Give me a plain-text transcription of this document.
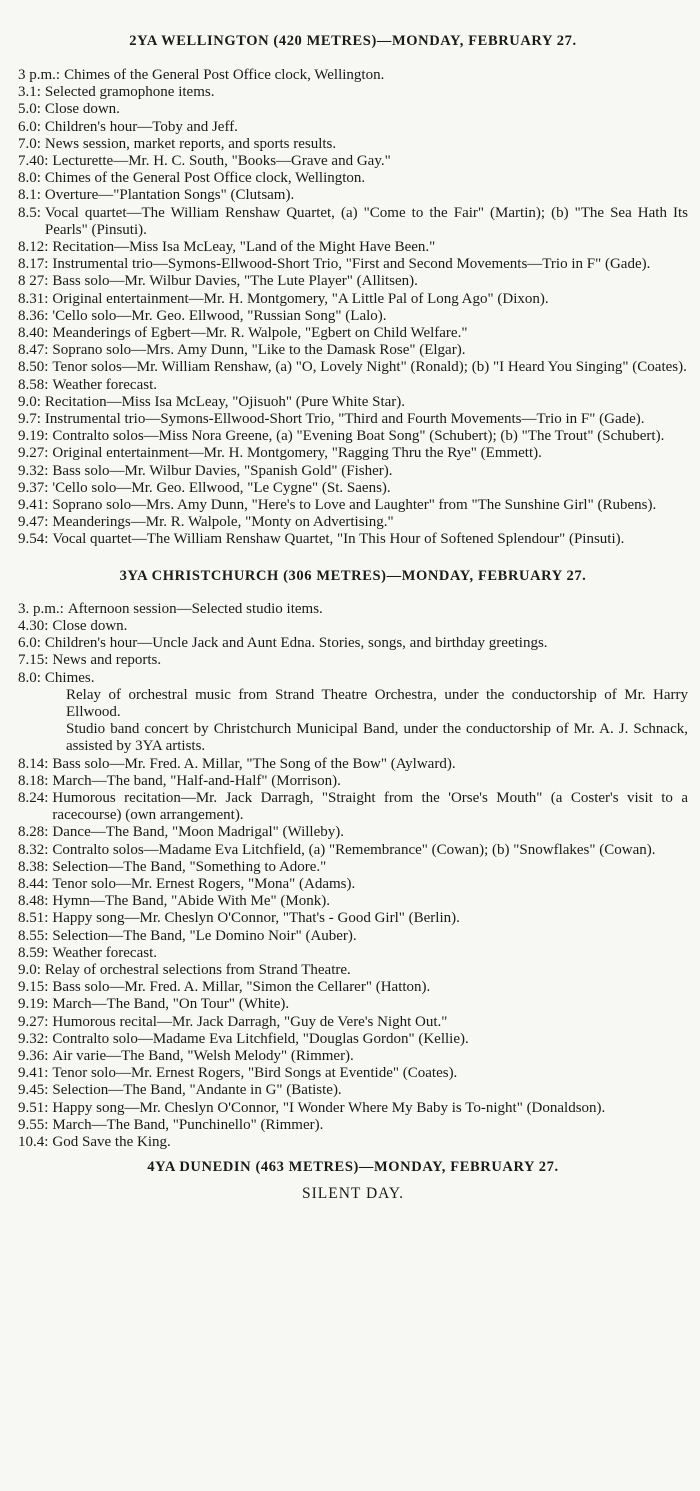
2YA WELLINGTON (420 METRES)—MONDAY, FEBRUARY 27.
3 p.m.: Chimes of the General Post Office clock, Wellington.
3.1: Selected gramophone items.
5.0: Close down.
6.0: Children's hour—Toby and Jeff.
7.0: News session, market reports, and sports results.
7.40: Lecturette—Mr. H. C. South, "Books—Grave and Gay."
8.0: Chimes of the General Post Office clock, Wellington.
8.1: Overture—"Plantation Songs" (Clutsam).
8.5: Vocal quartet—The William Renshaw Quartet, (a) "Come to the Fair" (Martin); (b) "The Sea Hath Its Pearls" (Pinsuti).
8.12: Recitation—Miss Isa McLeay, "Land of the Might Have Been."
8.17: Instrumental trio—Symons-Ellwood-Short Trio, "First and Second Movements—Trio in F" (Gade).
8 27: Bass solo—Mr. Wilbur Davies, "The Lute Player" (Allitsen).
8.31: Original entertainment—Mr. H. Montgomery, "A Little Pal of Long Ago" (Dixon).
8.36: 'Cello solo—Mr. Geo. Ellwood, "Russian Song" (Lalo).
8.40: Meanderings of Egbert—Mr. R. Walpole, "Egbert on Child Welfare."
8.47: Soprano solo—Mrs. Amy Dunn, "Like to the Damask Rose" (Elgar).
8.50: Tenor solos—Mr. William Renshaw, (a) "O, Lovely Night" (Ronald); (b) "I Heard You Singing" (Coates).
8.58: Weather forecast.
9.0: Recitation—Miss Isa McLeay, "Ojisuoh" (Pure White Star).
9.7: Instrumental trio—Symons-Ellwood-Short Trio, "Third and Fourth Movements—Trio in F" (Gade).
9.19: Contralto solos—Miss Nora Greene, (a) "Evening Boat Song" (Schubert); (b) "The Trout" (Schubert).
9.27: Original entertainment—Mr. H. Montgomery, "Ragging Thru the Rye" (Emmett).
9.32: Bass solo—Mr. Wilbur Davies, "Spanish Gold" (Fisher).
9.37: 'Cello solo—Mr. Geo. Ellwood, "Le Cygne" (St. Saens).
9.41: Soprano solo—Mrs. Amy Dunn, "Here's to Love and Laughter" from "The Sunshine Girl" (Rubens).
9.47: Meanderings—Mr. R. Walpole, "Monty on Advertising."
9.54: Vocal quartet—The William Renshaw Quartet, "In This Hour of Softened Splendour" (Pinsuti).
3YA CHRISTCHURCH (306 METRES)—MONDAY, FEBRUARY 27.
3. p.m.: Afternoon session—Selected studio items.
4.30: Close down.
6.0: Children's hour—Uncle Jack and Aunt Edna. Stories, songs, and birthday greetings.
7.15: News and reports.
8.0: Chimes.
Relay of orchestral music from Strand Theatre Orchestra, under the conductorship of Mr. Harry Ellwood.
Studio band concert by Christchurch Municipal Band, under the conductorship of Mr. A. J. Schnack, assisted by 3YA artists.
8.14: Bass solo—Mr. Fred. A. Millar, "The Song of the Bow" (Aylward).
8.18: March—The band, "Half-and-Half" (Morrison).
8.24: Humorous recitation—Mr. Jack Darragh, "Straight from the 'Orse's Mouth" (a Coster's visit to a racecourse) (own arrangement).
8.28: Dance—The Band, "Moon Madrigal" (Willeby).
8.32: Contralto solos—Madame Eva Litchfield, (a) "Remembrance" (Cowan); (b) "Snowflakes" (Cowan).
8.38: Selection—The Band, "Something to Adore."
8.44: Tenor solo—Mr. Ernest Rogers, "Mona" (Adams).
8.48: Hymn—The Band, "Abide With Me" (Monk).
8.51: Happy song—Mr. Cheslyn O'Connor, "That's - Good Girl" (Berlin).
8.55: Selection—The Band, "Le Domino Noir" (Auber).
8.59: Weather forecast.
9.0: Relay of orchestral selections from Strand Theatre.
9.15: Bass solo—Mr. Fred. A. Millar, "Simon the Cellarer" (Hatton).
9.19: March—The Band, "On Tour" (White).
9.27: Humorous recital—Mr. Jack Darragh, "Guy de Vere's Night Out."
9.32: Contralto solo—Madame Eva Litchfield, "Douglas Gordon" (Kellie).
9.36: Air varie—The Band, "Welsh Melody" (Rimmer).
9.41: Tenor solo—Mr. Ernest Rogers, "Bird Songs at Eventide" (Coates).
9.45: Selection—The Band, "Andante in G" (Batiste).
9.51: Happy song—Mr. Cheslyn O'Connor, "I Wonder Where My Baby is To-night" (Donaldson).
9.55: March—The Band, "Punchinello" (Rimmer).
10.4: God Save the King.
4YA DUNEDIN (463 METRES)—MONDAY, FEBRUARY 27.
SILENT DAY.
